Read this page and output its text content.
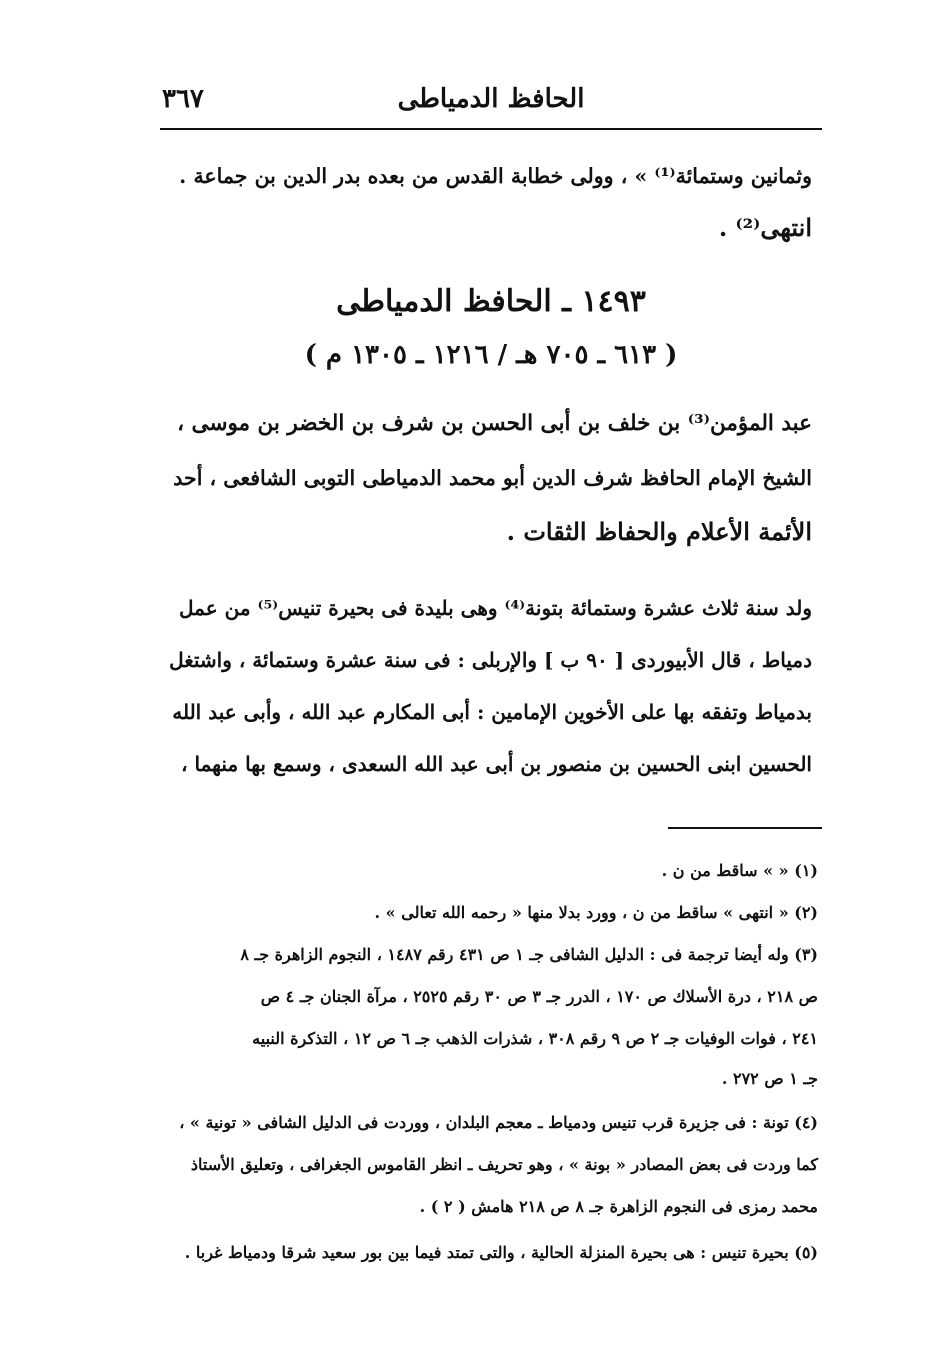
٣٦٧	الحافظ الدمياطى
وثمانين وستمائة⁽¹⁾ » ، وولى خطابة القدس من بعده بدر الدين بن جماعة .
انتهى⁽²⁾ .
١٤٩٣ ـ الحافظ الدمياطى
( ٦١٣ ـ ٧٠٥ هـ / ١٢١٦ ـ ١٣٠٥ م )
عبد المؤمن⁽³⁾ بن خلف بن أبى الحسن بن شرف بن الخضر بن موسى ،
الشيخ الإمام الحافظ شرف الدين أبو محمد الدمياطى التوبى الشافعى ، أحد
الأئمة الأعلام والحفاظ الثقات .
ولد سنة ثلاث عشرة وستمائة بتونة⁽⁴⁾ وهى بليدة فى بحيرة تنيس⁽⁵⁾ من عمل
دمياط ، قال الأبيوردى [ ٩٠ ب ] والإربلى : فى سنة عشرة وستمائة ، واشتغل
بدمياط وتفقه بها على الأخوين الإمامين : أبى المكارم عبد الله ، وأبى عبد الله
الحسين ابنى الحسين بن منصور بن أبى عبد الله السعدى ، وسمع بها منهما ،
(١) « » ساقط من ن .
(٢) « انتهى » ساقط من ن ، وورد بدلا منها « رحمه الله تعالى » .
(٣) وله أيضا ترجمة فى : الدليل الشافى جـ ١ ص ٤٣١ رقم ١٤٨٧ ، النجوم الزاهرة جـ ٨
ص ٢١٨ ، درة الأسلاك ص ١٧٠ ، الدرر جـ ٣ ص ٣٠ رقم ٢٥٢٥ ، مرآة الجنان جـ ٤ ص
٢٤١ ، فوات الوفيات جـ ٢ ص ٩ رقم ٣٠٨ ، شذرات الذهب جـ ٦ ص ١٢ ، التذكرة النبيه
جـ ١ ص ٢٧٢ .
(٤) تونة : فى جزيرة قرب تنيس ودمياط ـ معجم البلدان ، ووردت فى الدليل الشافى « تونية » ،
كما وردت فى بعض المصادر « بونة » ، وهو تحريف ـ انظر القاموس الجغرافى ، وتعليق الأستاذ
محمد رمزى فى النجوم الزاهرة جـ ٨ ص ٢١٨ هامش ( ٢ ) .
(٥) بحيرة تنيس : هى بحيرة المنزلة الحالية ، والتى تمتد فيما بين بور سعيد شرقا ودمياط غربا .
